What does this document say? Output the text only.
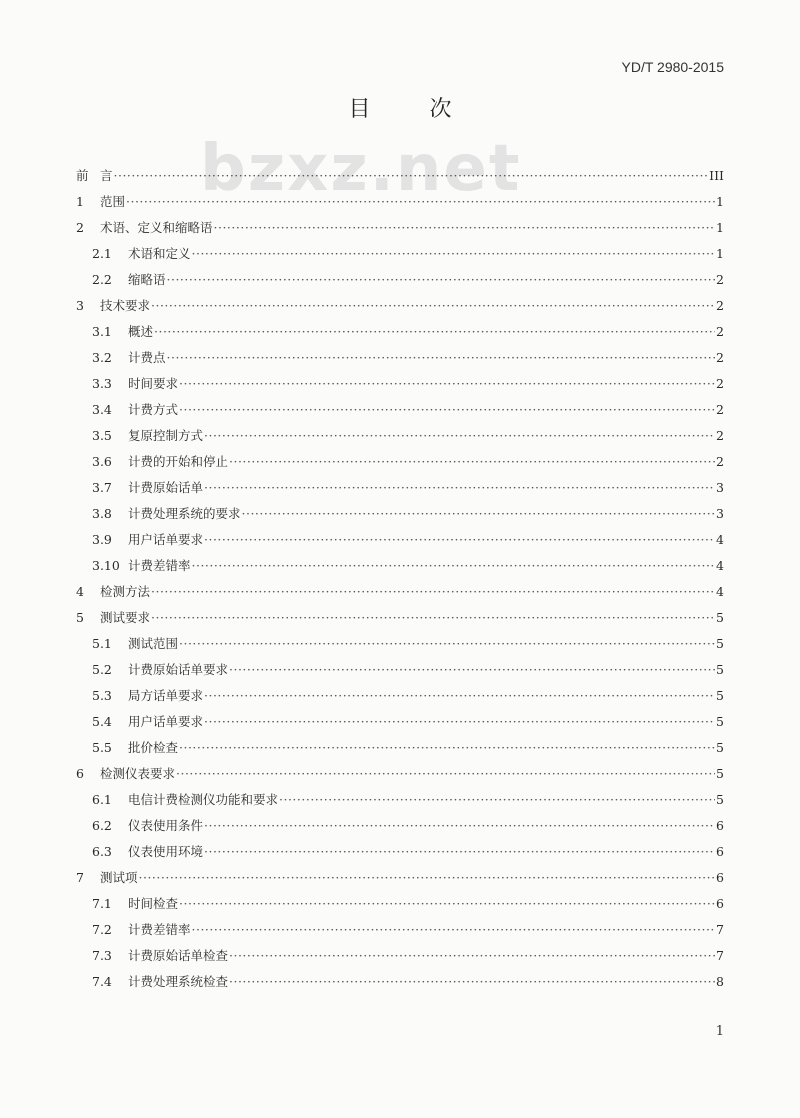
YD/T 2980-2015
目 次
bzxz.net
前 言 ·····	III
1	范围 ·····	1
2	术语、定义和缩略语 ·····	1
2.1	术语和定义 ·····	1
2.2	缩略语 ·····	2
3	技术要求 ·····	2
3.1	概述 ·····	2
3.2	计费点 ·····	2
3.3	时间要求 ·····	2
3.4	计费方式 ·····	2
3.5	复原控制方式 ·····	2
3.6	计费的开始和停止 ·····	2
3.7	计费原始话单 ·····	3
3.8	计费处理系统的要求 ·····	3
3.9	用户话单要求 ·····	4
3.10 计费差错率 ·····	4
4	检测方法 ·····	4
5	测试要求 ·····	5
5.1	测试范围 ·····	5
5.2	计费原始话单要求 ·····	5
5.3	局方话单要求 ·····	5
5.4	用户话单要求 ·····	5
5.5	批价检查 ·····	5
6	检测仪表要求 ·····	5
6.1	电信计费检测仪功能和要求 ·····	5
6.2	仪表使用条件 ·····	6
6.3	仪表使用环境 ·····	6
7	测试项 ·····	6
7.1	时间检查 ·····	6
7.2	计费差错率 ·····	7
7.3	计费原始话单检查 ·····	7
7.4	计费处理系统检查 ·····	8
1
